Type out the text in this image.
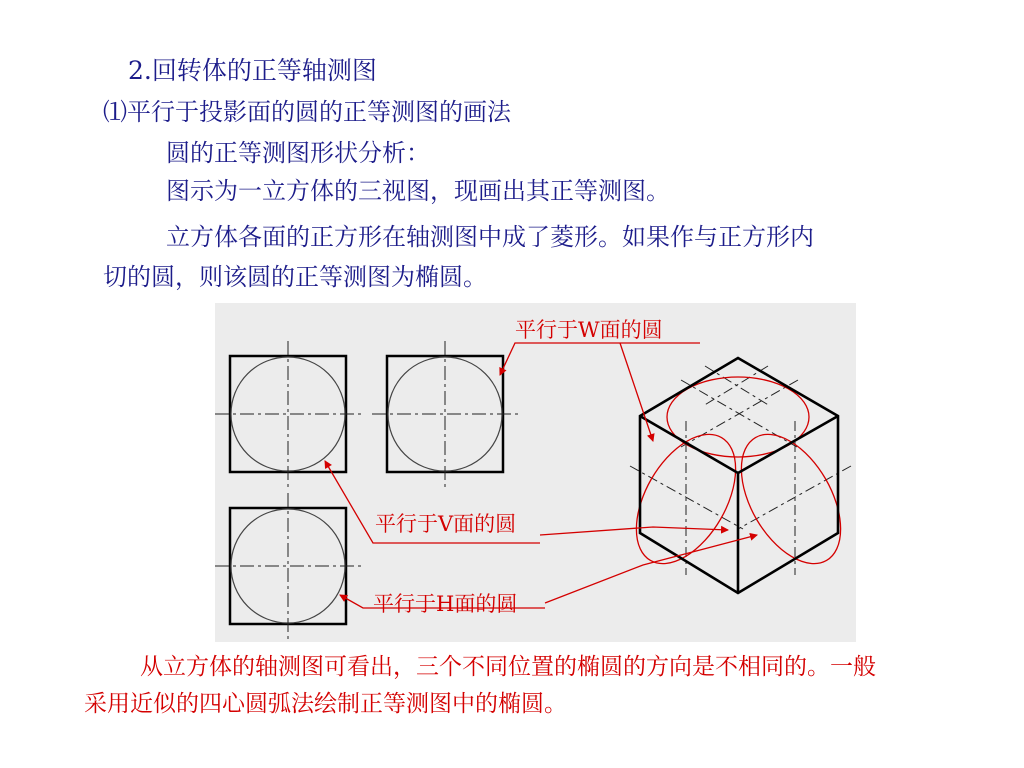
2.回转体的正等轴测图
⑴平行于投影面的圆的正等测图的画法
圆的正等测图形状分析：
图示为一立方体的三视图，现画出其正等测图。
立方体各面的正方形在轴测图中成了菱形。如果作与正方形内
切的圆，则该圆的正等测图为椭圆。
平行于W面的圆
平行于V面的圆
平行于H面的圆
从立方体的轴测图可看出，三个不同位置的椭圆的方向是不相同的。一般
采用近似的四心圆弧法绘制正等测图中的椭圆。
